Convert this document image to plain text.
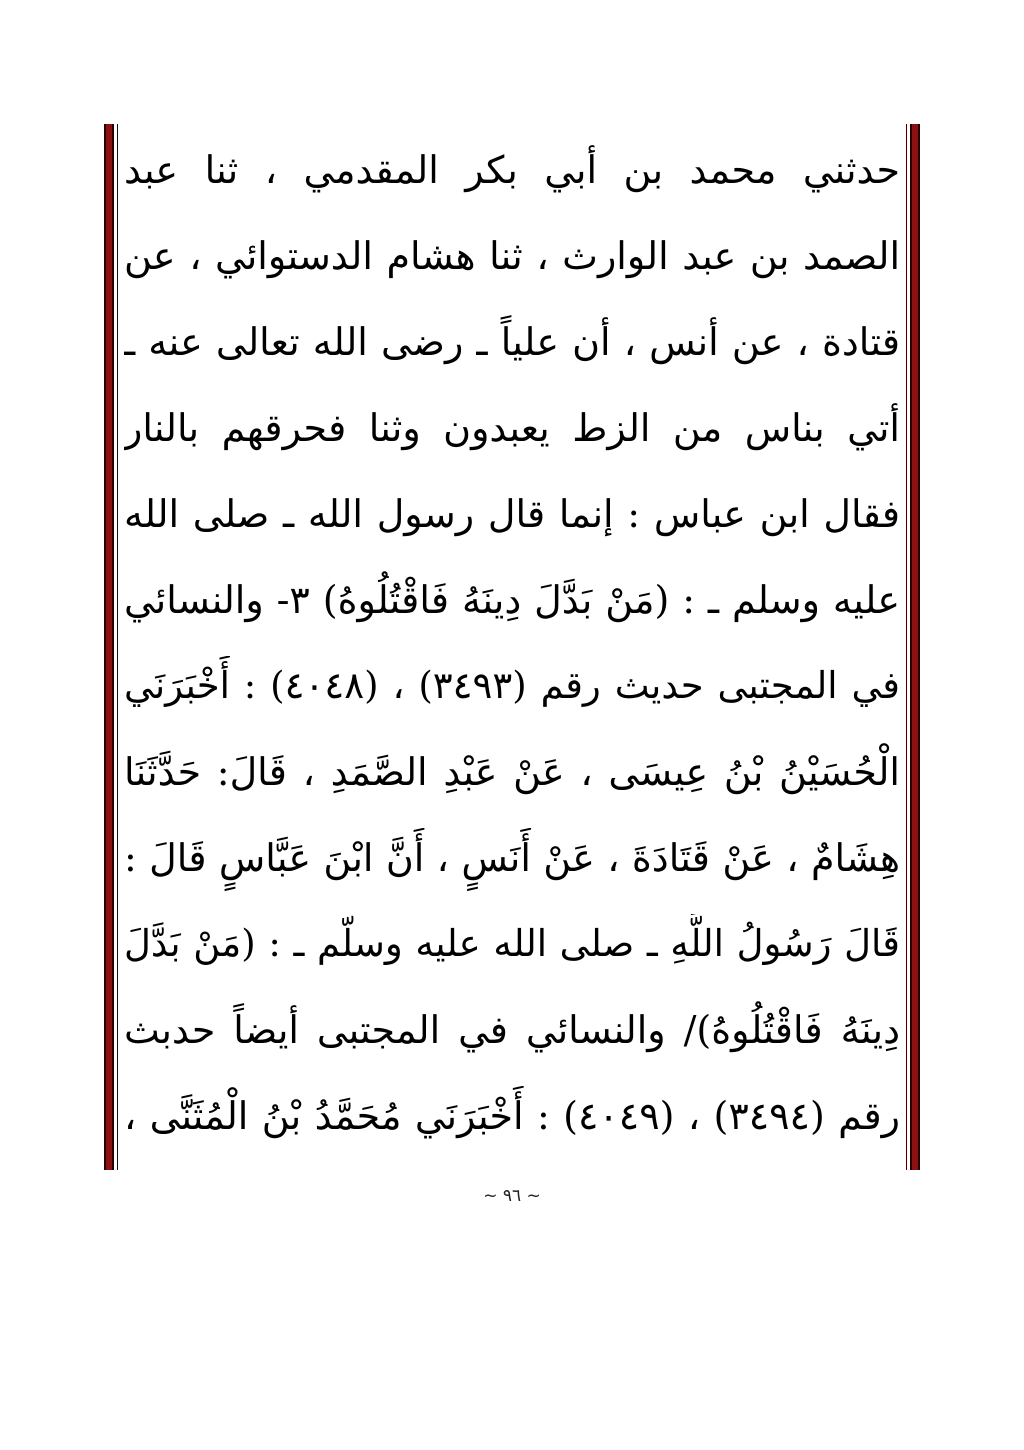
حدثني محمد بن أبي بكر المقدمي ، ثنا عبد
الصمد بن عبد الوارث ، ثنا هشام الدستوائي ، عن
قتادة ، عن أنس ، أن علياً ـ رضى الله تعالى عنه ـ
أتي بناس من الزط يعبدون وثنا فحرقهم بالنار
فقال ابن عباس : إنما قال رسول الله ـ صلى الله
عليه وسلم ـ : (مَنْ بَدَّلَ دِينَهُ فَاقْتُلُوهُ) ٣- والنسائي
في المجتبى حديث رقم (٣٤٩٣) ، (٤٠٤٨) : أَخْبَرَنَي
الْحُسَيْنُ بْنُ عِيسَى ، عَنْ عَبْدِ الصَّمَدِ ، قَالَ: حَدَّثَنَا
هِشَامٌ ، عَنْ قَتَادَةَ ، عَنْ أَنَسٍ ، أَنَّ ابْنَ عَبَّاسٍ قَالَ :
قَالَ رَسُولُ اللَّهِ ـ صلى الله عليه وسلّم ـ : (مَنْ بَدَّلَ
دِينَهُ فَاقْتُلُوهُ)/ والنسائي في المجتبى أيضاً حدبث
رقم (٣٤٩٤) ، (٤٠٤٩) : أَخْبَرَنَي مُحَمَّدُ بْنُ الْمُثَنَّى ،
~ ٩٦ ~
